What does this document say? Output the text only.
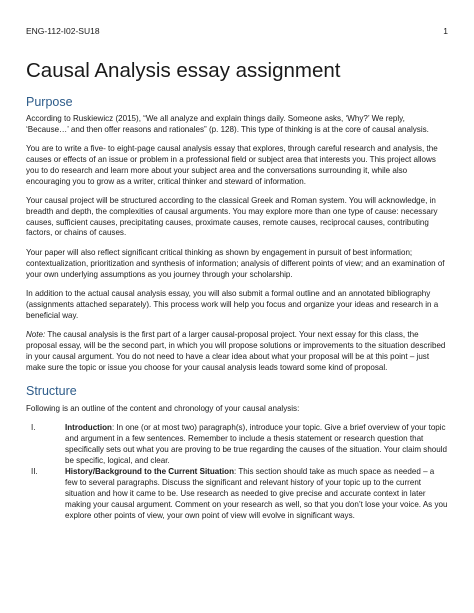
ENG-112-I02-SU18	1
Causal Analysis essay assignment
Purpose

According to Ruskiewicz (2015), “We all analyze and explain things daily. Someone asks, ‘Why?’ We reply, ‘Because…’ and then offer reasons and rationales” (p. 128). This type of thinking is at the core of causal analysis.

You are to write a five- to eight-page causal analysis essay that explores, through careful research and analysis, the causes or effects of an issue or problem in a professional field or subject area that interests you. This project allows you to do research and learn more about your subject area and the conversations surrounding it, while also encouraging you to grow as a writer, critical thinker and steward of information.

Your causal project will be structured according to the classical Greek and Roman system. You will acknowledge, in breadth and depth, the complexities of causal arguments. You may explore more than one type of cause: necessary causes, sufficient causes, precipitating causes, proximate causes, remote causes, reciprocal causes, contributing factors, or chains of causes.

Your paper will also reflect significant critical thinking as shown by engagement in pursuit of best information; contextualization, prioritization and synthesis of information; analysis of different points of view; and an examination of your own underlying assumptions as you journey through your scholarship.

In addition to the actual causal analysis essay, you will also submit a formal outline and an annotated bibliography (assignments attached separately). This process work will help you focus and organize your ideas and research in a beneficial way.

Note: The causal analysis is the first part of a larger causal-proposal project. Your next essay for this class, the proposal essay, will be the second part, in which you will propose solutions or improvements to the situation described in your causal argument. You do not need to have a clear idea about what your proposal will be at this point – just make sure the topic or issue you choose for your causal analysis leads toward some kind of proposal.

Structure

Following is an outline of the content and chronology of your causal analysis:

I.	Introduction: In one (or at most two) paragraph(s), introduce your topic. Give a brief overview of your topic and argument in a few sentences. Remember to include a thesis statement or research question that specifically sets out what you are proving to be true regarding the causes of the situation. Your claim should be specific, logical, and clear.
II.	History/Background to the Current Situation: This section should take as much space as needed – a few to several paragraphs. Discuss the significant and relevant history of your topic up to the current situation and how it came to be. Use research as needed to give precise and accurate context in later making your causal argument. Comment on your research as well, so that you don’t lose your voice. As you explore other points of view, your own point of view will evolve in significant ways.
